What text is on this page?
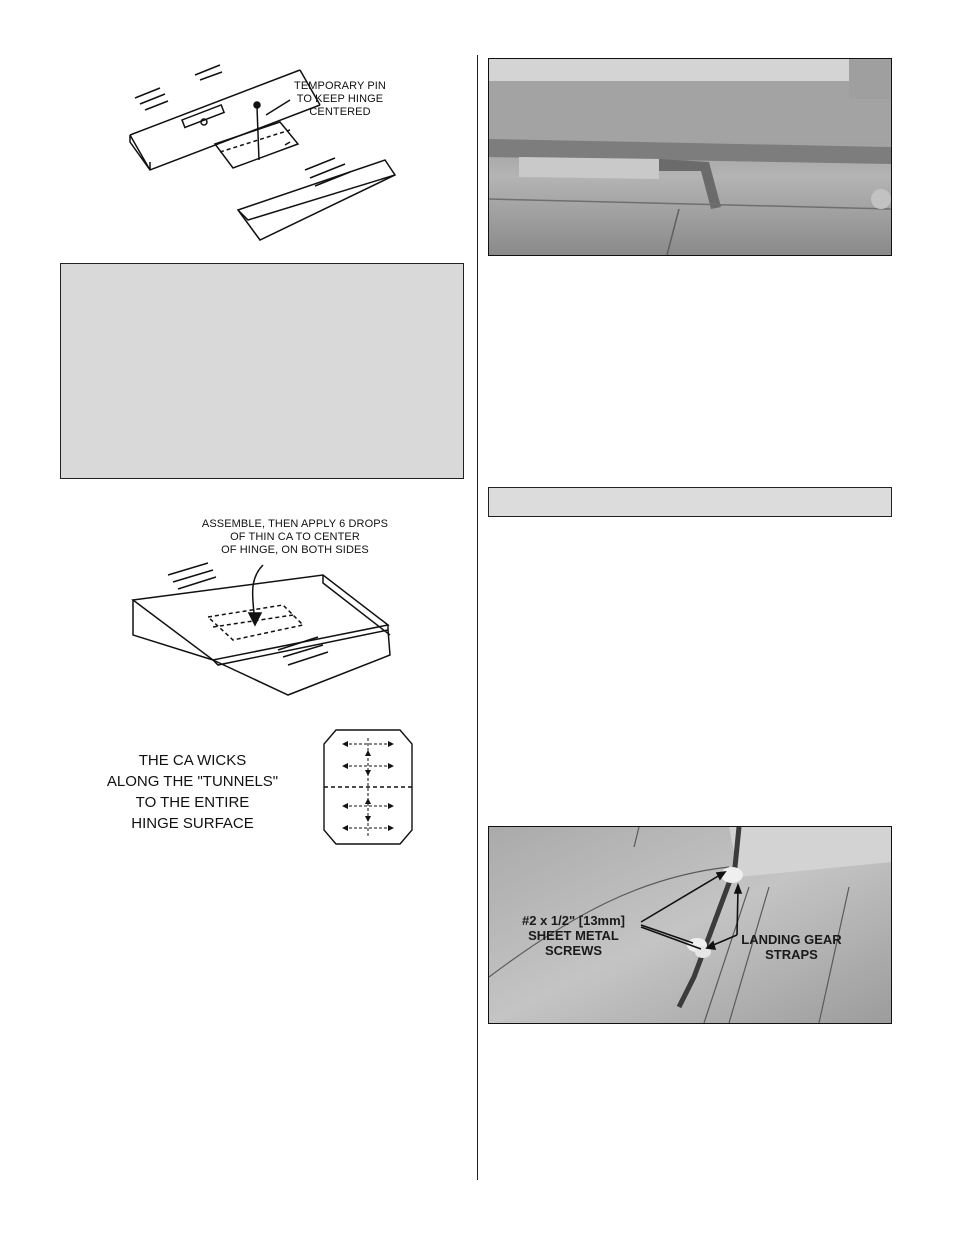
TEMPORARY PIN
TO KEEP HINGE
CENTERED
ASSEMBLE, THEN APPLY 6 DROPS
OF THIN CA TO CENTER
OF HINGE, ON BOTH SIDES
THE CA WICKS
ALONG THE "TUNNELS"
TO THE ENTIRE
HINGE SURFACE
#2 x 1/2" [13mm]
SHEET METAL
SCREWS
LANDING GEAR
STRAPS
